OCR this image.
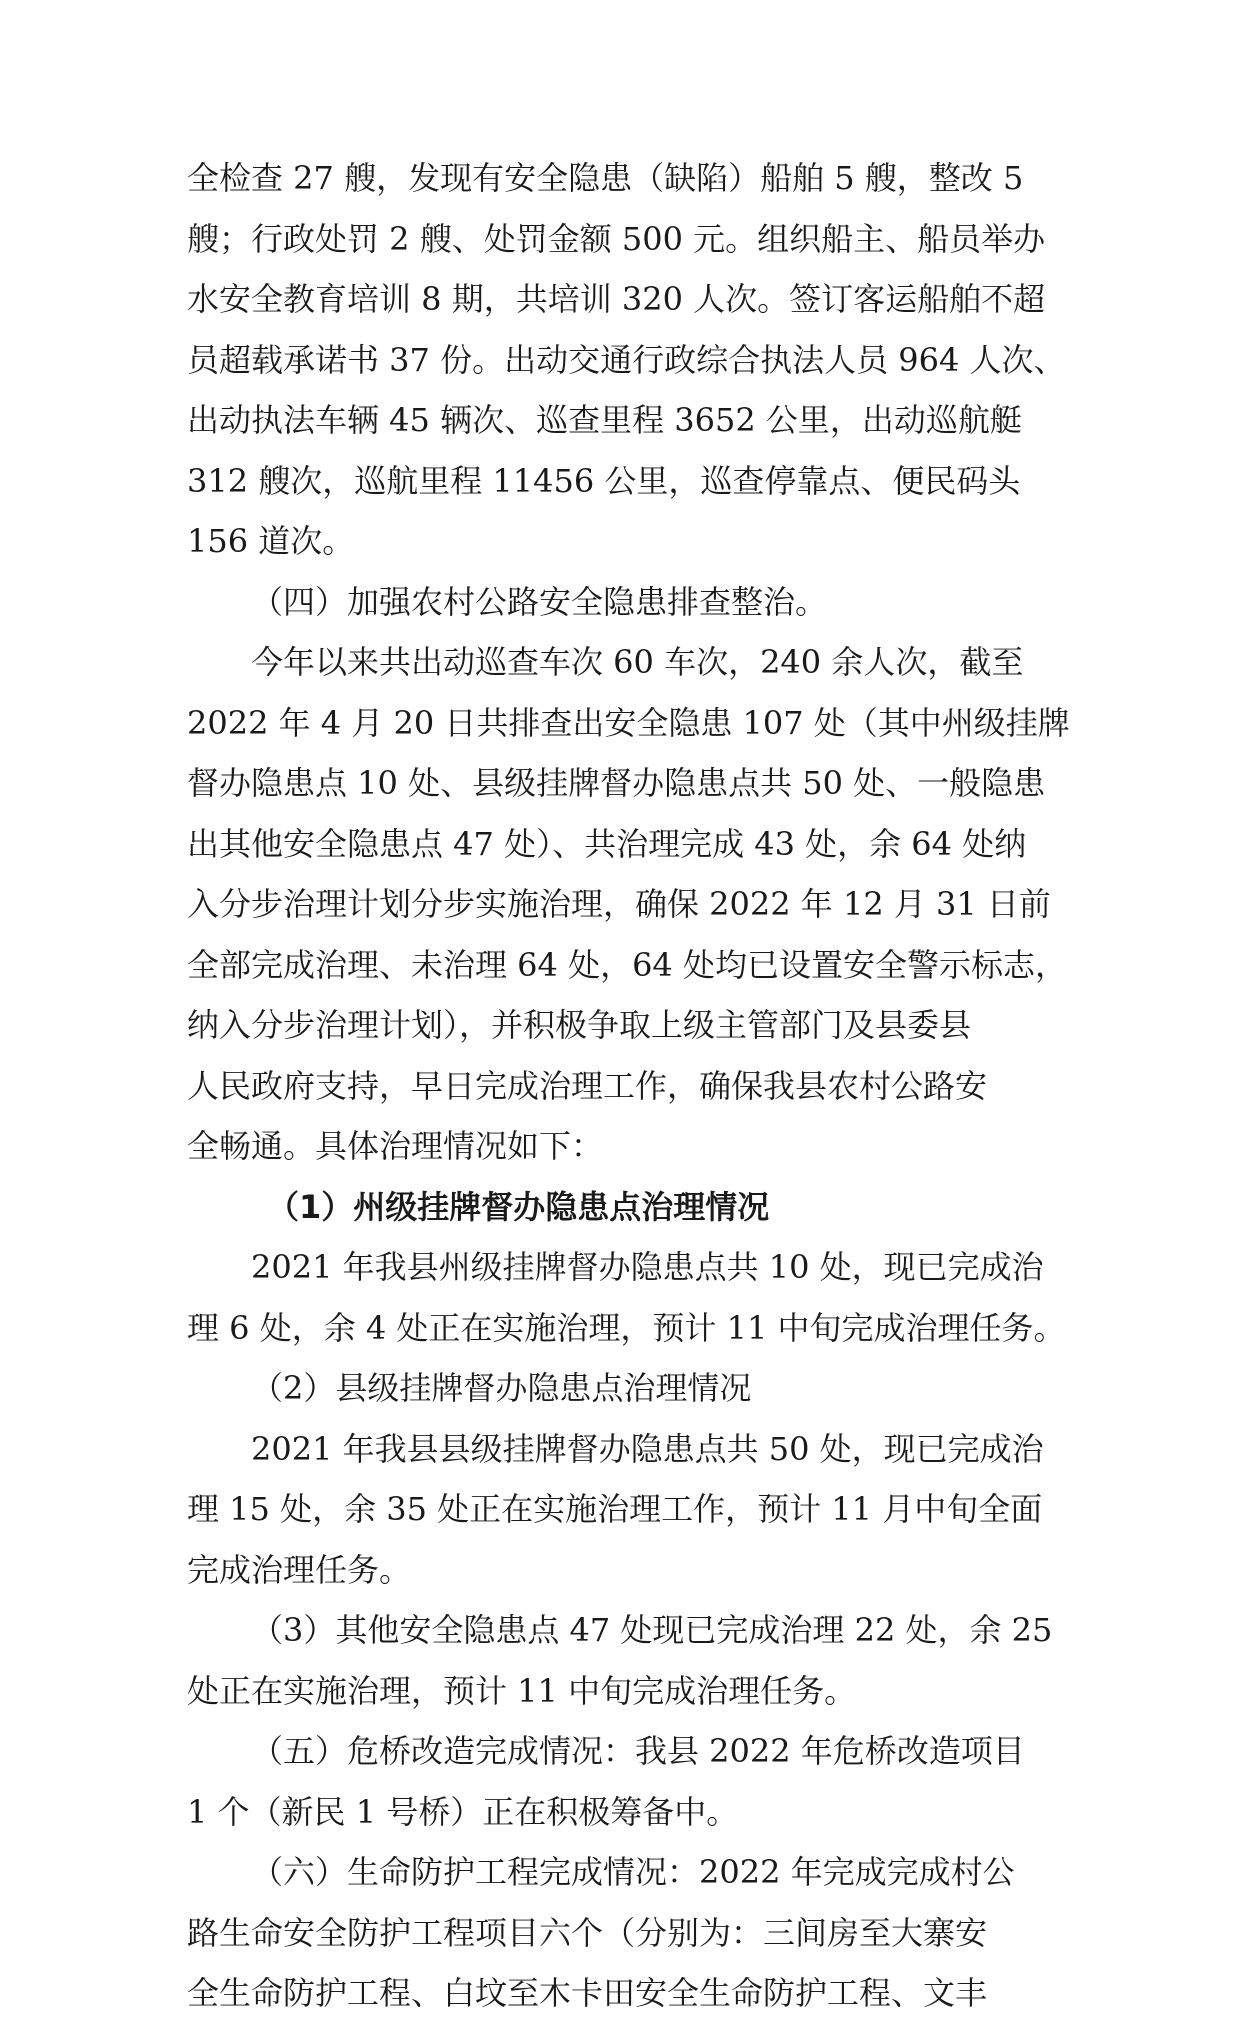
全检查 27 艘，发现有安全隐患（缺陷）船舶 5 艘，整改 5
艘；行政处罚 2 艘、处罚金额 500 元。组织船主、船员举办
水安全教育培训 8 期，共培训 320 人次。签订客运船舶不超
员超载承诺书 37 份。出动交通行政综合执法人员 964 人次、
出动执法车辆 45 辆次、巡查里程 3652 公里，出动巡航艇
312 艘次，巡航里程 11456 公里，巡查停靠点、便民码头
156 道次。
（四）加强农村公路安全隐患排查整治。
今年以来共出动巡查车次 60 车次，240 余人次，截至
2022 年 4 月 20 日共排查出安全隐患 107 处（其中州级挂牌
督办隐患点 10 处、县级挂牌督办隐患点共 50 处、一般隐患
出其他安全隐患点 47 处）、共治理完成 43 处，余 64 处纳
入分步治理计划分步实施治理，确保 2022 年 12 月 31 日前
全部完成治理、未治理 64 处，64 处均已设置安全警示标志，
纳入分步治理计划），并积极争取上级主管部门及县委县
人民政府支持，早日完成治理工作，确保我县农村公路安
全畅通。具体治理情况如下：
（1）州级挂牌督办隐患点治理情况
2021 年我县州级挂牌督办隐患点共 10 处，现已完成治
理 6 处，余 4 处正在实施治理，预计 11 中旬完成治理任务。
（2）县级挂牌督办隐患点治理情况
2021 年我县县级挂牌督办隐患点共 50 处，现已完成治
理 15 处，余 35 处正在实施治理工作，预计 11 月中旬全面
完成治理任务。
（3）其他安全隐患点 47 处现已完成治理 22 处，余 25
处正在实施治理，预计 11 中旬完成治理任务。
（五）危桥改造完成情况：我县 2022 年危桥改造项目
1 个（新民 1 号桥）正在积极筹备中。
（六）生命防护工程完成情况：2022 年完成完成村公
路生命安全防护工程项目六个（分别为：三间房至大寨安
全生命防护工程、白坟至木卡田安全生命防护工程、文丰
